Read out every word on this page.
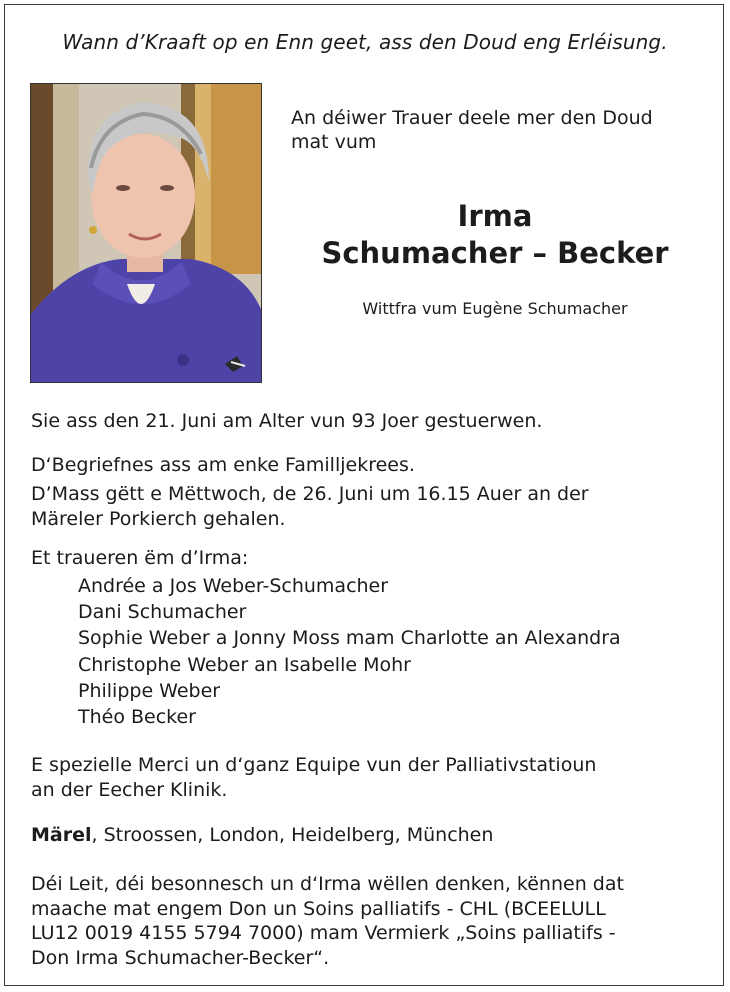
Wann d’Kraaft op en Enn geet, ass den Doud eng Erléisung.
An déiwer Trauer deele mer den Doud
mat vum
Irma
Schumacher – Becker
Wittfra vum Eugène Schumacher
Sie ass den 21. Juni am Alter vun 93 Joer gestuerwen.
D‘Begriefnes ass am enke Familljekrees.
D’Mass gëtt e Mëttwoch, de 26. Juni um 16.15 Auer an der
Märeler Porkierch gehalen.
Et traueren ëm d’Irma:
Andrée a Jos Weber-Schumacher
Dani Schumacher
Sophie Weber a Jonny Moss mam Charlotte an Alexandra
Christophe Weber an Isabelle Mohr
Philippe Weber
Théo Becker
E spezielle Merci un d‘ganz Equipe vun der Palliativstatioun
an der Eecher Klinik.
Märel, Stroossen, London, Heidelberg, München
Déi Leit, déi besonnesch un d‘Irma wëllen denken, kënnen dat
maache mat engem Don un Soins palliatifs - CHL (BCEELULL
LU12 0019 4155 5794 7000) mam Vermierk „Soins palliatifs -
Don Irma Schumacher-Becker“.
